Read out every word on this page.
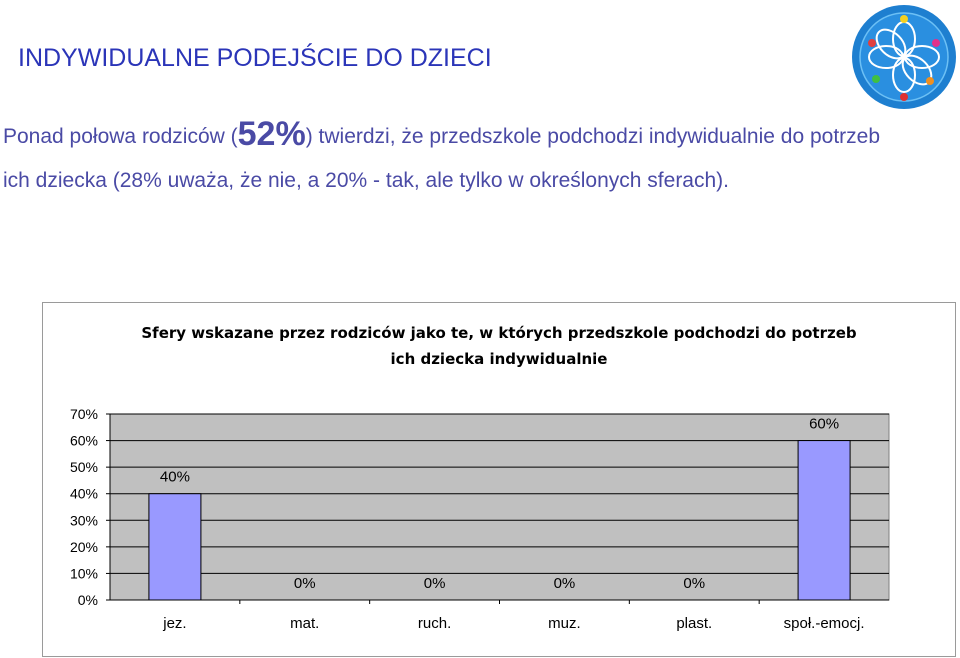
INDYWIDUALNE PODEJŚCIE DO DZIECI
Ponad połowa rodziców (52%) twierdzi, że przedszkole podchodzi indywidualnie do potrzeb ich dziecka (28% uważa, że nie, a 20% - tak, ale tylko w określonych sferach).
Sfery wskazane przez rodziców jako te, w których przedszkole podchodzi do potrzeb
ich dziecka indywidualnie
0%
10%
20%
30%
40%
50%
60%
70%
40%
jez.
0%
mat.
0%
ruch.
0%
muz.
0%
plast.
60%
społ.-emocj.
